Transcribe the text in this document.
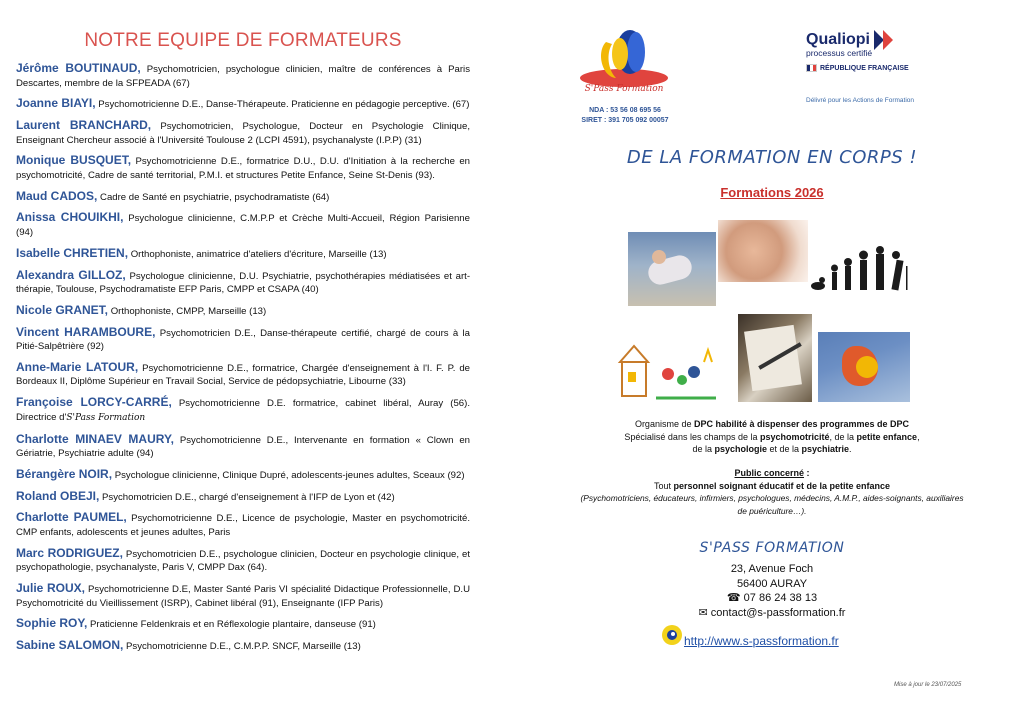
NOTRE EQUIPE DE FORMATEURS
Jérôme BOUTINAUD, Psychomotricien, psychologue clinicien, maître de conférences à Paris Descartes, membre de la SFPEADA (67)
Joanne BIAYI, Psychomotricienne D.E., Danse-Thérapeute. Praticienne en pédagogie perceptive. (67)
Laurent BRANCHARD, Psychomotricien, Psychologue, Docteur en Psychologie Clinique, Enseignant Chercheur associé à l'Université Toulouse 2 (LCPI 4591), psychanalyste (I.P.P) (31)
Monique BUSQUET, Psychomotricienne D.E., formatrice D.U., D.U. d'Initiation à la recherche en psychomotricité, Cadre de santé territorial, P.M.I. et structures Petite Enfance, Seine St-Denis (93).
Maud CADOS, Cadre de Santé en psychiatrie, psychodramatiste (64)
Anissa CHOUIKHI, Psychologue clinicienne, C.M.P.P et Crèche Multi-Accueil, Région Parisienne (94)
Isabelle CHRETIEN, Orthophoniste, animatrice d'ateliers d'écriture, Marseille (13)
Alexandra GILLOZ, Psychologue clinicienne, D.U. Psychiatrie, psychothérapies médiatisées et art-thérapie, Toulouse, Psychodramatiste EFP Paris, CMPP et CSAPA (40)
Nicole GRANET, Orthophoniste, CMPP, Marseille (13)
Vincent HARAMBOURE, Psychomotricien D.E., Danse-thérapeute certifié, chargé de cours à la Pitié-Salpêtrière (92)
Anne-Marie LATOUR, Psychomotricienne D.E., formatrice, Chargée d'enseignement à l'I. F. P. de Bordeaux II, Diplôme Supérieur en Travail Social, Service de pédopsychiatrie, Libourne (33)
Françoise LORCY-CARRÉ, Psychomotricienne D.E. formatrice, cabinet libéral, Auray (56). Directrice d'S'Pass Formation
Charlotte MINAEV MAURY, Psychomotricienne D.E., Intervenante en formation « Clown en Gériatrie, Psychiatrie adulte (94)
Bérangère NOIR, Psychologue clinicienne, Clinique Dupré, adolescents-jeunes adultes, Sceaux (92)
Roland OBEJI, Psychomotricien D.E., chargé d'enseignement à l'IFP de Lyon et (42)
Charlotte PAUMEL, Psychomotricienne D.E., Licence de psychologie, Master en psychomotricité. CMP enfants, adolescents et jeunes adultes, Paris
Marc RODRIGUEZ, Psychomotricien D.E., psychologue clinicien, Docteur en psychologie clinique, et psychopathologie, psychanalyste, Paris V, CMPP Dax (64).
Julie ROUX, Psychomotricienne D.E, Master Santé Paris VI spécialité Didactique Professionnelle, D.U Psychomotricité du Vieillissement (ISRP), Cabinet libéral (91), Enseignante (IFP Paris)
Sophie ROY, Praticienne Feldenkrais et en Réflexologie plantaire, danseuse (91)
Sabine SALOMON, Psychomotricienne D.E., C.M.P.P. SNCF, Marseille (13)
S'Pass Formation
NDA : 53 56 08 695 56
SIRET : 391 705 092 00057
Qualiopi
processus certifié
RÉPUBLIQUE FRANÇAISE
Délivré pour les Actions de Formation
DE LA FORMATION EN CORPS !
Formations 2026
Organisme de DPC habilité à dispenser des programmes de DPC
Spécialisé dans les champs de la psychomotricité, de la petite enfance,
de la psychologie et de la psychiatrie.
Public concerné :
Tout personnel soignant éducatif et de la petite enfance
(Psychomotriciens, éducateurs, infirmiers, psychologues, médecins, A.M.P., aides-soignants, auxiliaires de puériculture…).
S'PASS FORMATION
23, Avenue Foch
56400 AURAY
☎ 07 86 24 38 13
✉ contact@s-passformation.fr
http://www.s-passformation.fr
Mise à jour le 23/07/2025
